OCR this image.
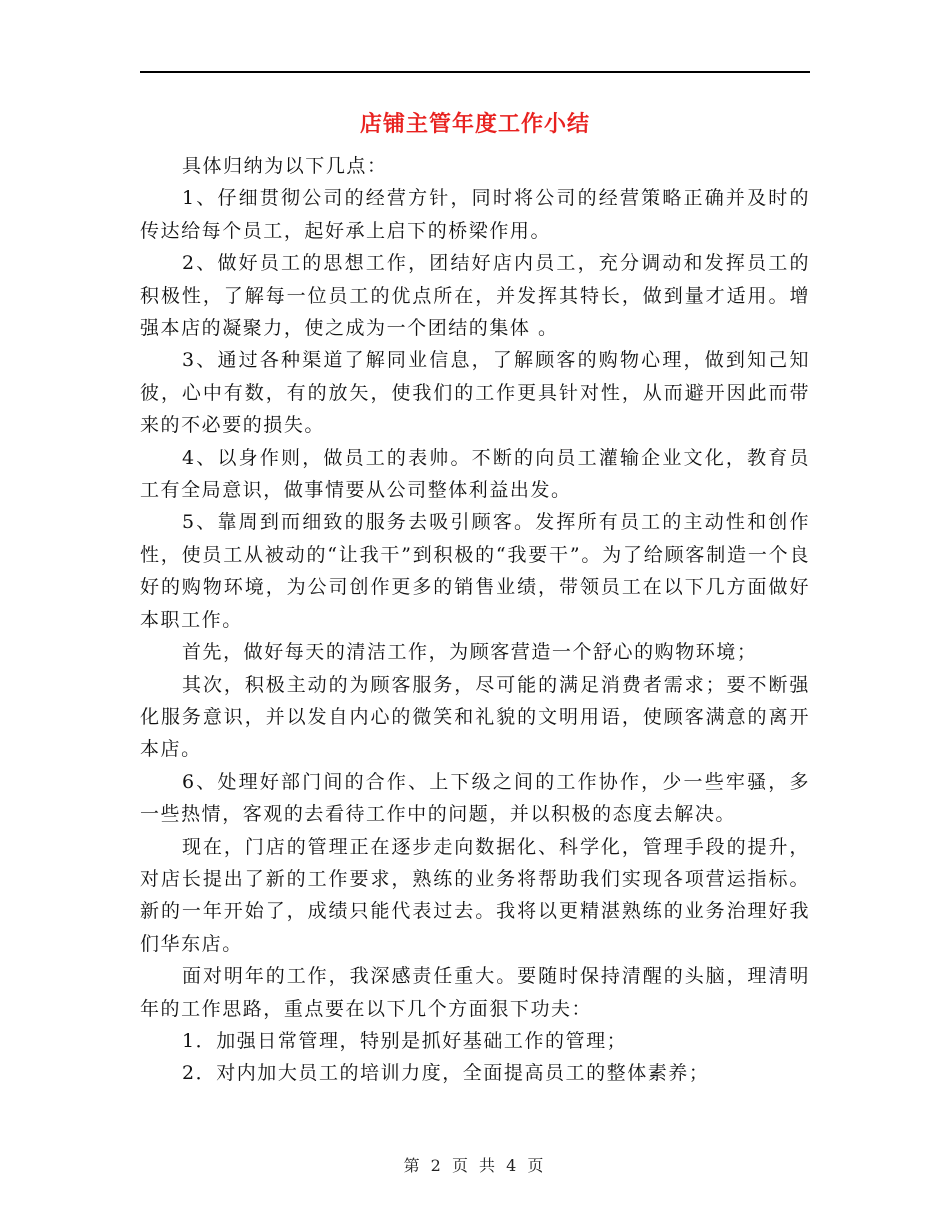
店铺主管年度工作小结

具体归纳为以下几点：

1、仔细贯彻公司的经营方针，同时将公司的经营策略正确并及时的传达给每个员工，起好承上启下的桥梁作用。

2、做好员工的思想工作，团结好店内员工，充分调动和发挥员工的积极性，了解每一位员工的优点所在，并发挥其特长，做到量才适用。增强本店的凝聚力，使之成为一个团结的集体 。

3、通过各种渠道了解同业信息，了解顾客的购物心理，做到知己知彼，心中有数，有的放矢，使我们的工作更具针对性，从而避开因此而带来的不必要的损失。

4、以身作则，做员工的表帅。不断的向员工灌输企业文化，教育员工有全局意识，做事情要从公司整体利益出发。

5、靠周到而细致的服务去吸引顾客。发挥所有员工的主动性和创作性，使员工从被动的“让我干”到积极的“我要干”。为了给顾客制造一个良好的购物环境，为公司创作更多的销售业绩，带领员工在以下几方面做好本职工作。

首先，做好每天的清洁工作，为顾客营造一个舒心的购物环境；

其次，积极主动的为顾客服务，尽可能的满足消费者需求；要不断强化服务意识，并以发自内心的微笑和礼貌的文明用语，使顾客满意的离开本店。

6、处理好部门间的合作、上下级之间的工作协作，少一些牢骚，多一些热情，客观的去看待工作中的问题，并以积极的态度去解决。

现在，门店的管理正在逐步走向数据化、科学化，管理手段的提升，对店长提出了新的工作要求，熟练的业务将帮助我们实现各项营运指标。新的一年开始了，成绩只能代表过去。我将以更精湛熟练的业务治理好我们华东店。

面对明年的工作，我深感责任重大。要随时保持清醒的头脑，理清明年的工作思路，重点要在以下几个方面狠下功夫：

1．加强日常管理，特别是抓好基础工作的管理；

2．对内加大员工的培训力度，全面提高员工的整体素养；

第 2 页 共 4 页
